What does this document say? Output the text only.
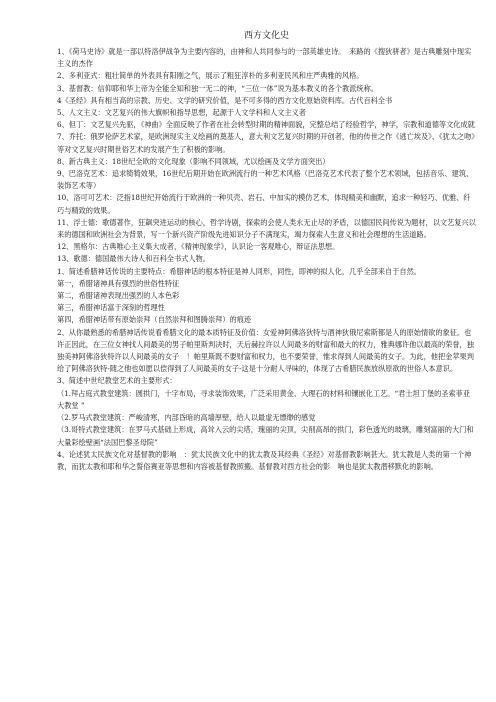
西方文化史

1、《荷马史诗》就是一部以特洛伊战争为主要内容的，由神和人共同参与的一部英雄史诗。　来路的《搜狄骈者》是古典雕刻中现实主义的杰作

2、多利亚式：粗壮简单的外表具有阳刚之气，展示了粗狂淳朴的多利亚民风和庄严典雅的风格。

3、基督教：信仰耶和华上帝为全能全知和独一无二的神，“三位一体”说为基本教义的各个教派统称。

4《圣经》具有相当高的宗教、历史、文学的研究价值，是不可多得的西方文化原始资料库。古代百科全书

5、人文主义：文艺复兴的伟大旗帜和指导思想，起源于人文学科和人文主义者

6、但丁：文艺复兴先驱，《神曲》全面反映了作者在社会转型时期的精神面貌，完整总结了经验哲学，神学，宗教和道德等文化成就

7、乔托：俄罗伦萨艺术家，是欧洲现实主义绘画的奠基人，意大利文艺复兴时期的开创者，他的传世之作《逃亡埃及》、《犹太之吻》等对文艺复兴时期世俗艺术的发展产生了积极的影响。

8、新古典主义：18世纪全欧的文化现象（影响不同领域，尤以绘画及文学方面突出）

9、巴洛克艺术：追求犄犄效果，16世纪后期开始在欧洲流行的一种艺术风格（巴洛克艺术代表了整个艺术领域，包括音乐、建筑、装饰艺术等）

10、洛可可艺术：泛指18世纪开始流行于欧洲的一种贝壳、岩石、中加实的模仿艺术，体现精美和幽默，追求一种轻巧、优雅、纤巧与精致的效果。

11、浮士德：歌德著作，狂飙突进运动的核心，哲学诗剧，探索的会使人类永无止尽的矛盾，以德国民间传说为题材，以文艺复兴以来的德国和欧洲社会为背景，写一个新兴资产阶级先进知识分子不满现实，竭力探索人生意义和社会理想的生活道路。

12、黑格尔：古典唯心主义集大成者，《精神现象学》，认识论一客观唯心，辩证法思想。

13、歌德：德国最伟大诗人和百科全书式人物。

1、简述希腊神话传说的主要特点：希腊神话的根本特征是神人同形，同性，即神的拟人化，几乎全部来自于自然。

第一，希腊诸神具有强烈的世俗性特征

第二，希腊诸神表现出强烈的人本色彩

第三，希腊神话富于深刻的哲理性

第四，希腊神话带有原始崇拜（自然崇拜和图腾崇拜）的痕迹

2、从你最熟悉的希腊神话传说看希腊文化的最本质特征及价值：女爱神阿佛洛狄特与酒神狄俄尼索斯都是人的原始情欲的象征。也许正因此，在三位女神找人间最美的男子帕里斯判决时，天后赫拉许以人间最多的财富和最大的权力，雅典娜许他以最高的荣誉，独独美神阿佛洛狄特许以人间最美的女子　！帕里斯既不要财富和权力，也不要荣誉，惟求得到人间最美的女子。为此，他把金苹果判给了阿佛洛狄特-随之他也如愿以偿得到了人间最美的女子-这是十分耐人寻味的，体现了古希腊民族放纵原欲的世俗人本意识。

3、简述中世纪教堂艺术的主要形式：

（1.拜占庭式教堂建筑：圆拱门，十字布局，寻求装饰效果，广泛采用黄金、大理石的材料和镶嵌化工艺。“君士坦丁堡的圣索菲亚大教堂 ”

（2.罗马式教堂建筑：严峻清寒，内部昏暗的高墙厚壁，给人以最虚无缥缈的感觉

（3.哥特式教堂建筑：在罗马式基础上形成，高耸入云的尖塔，瑰丽的尖顶，尖削高昂的拱门，彩色透光的玻璃，雕刻富丽的大门和大量彩绘壁画“法国巴黎圣母院”

4、论述犹太民族文化对基督教的影响　：犹太民族文化中的犹太教及其经典《圣经》对基督教影响甚大。犹太教是人类的第一个神教，而犹太教和耶和华之誓俗赛亚等思想和内容被基督教照搬。基督教对西方社会的影　响也是犹太教潜移默化的影响。
